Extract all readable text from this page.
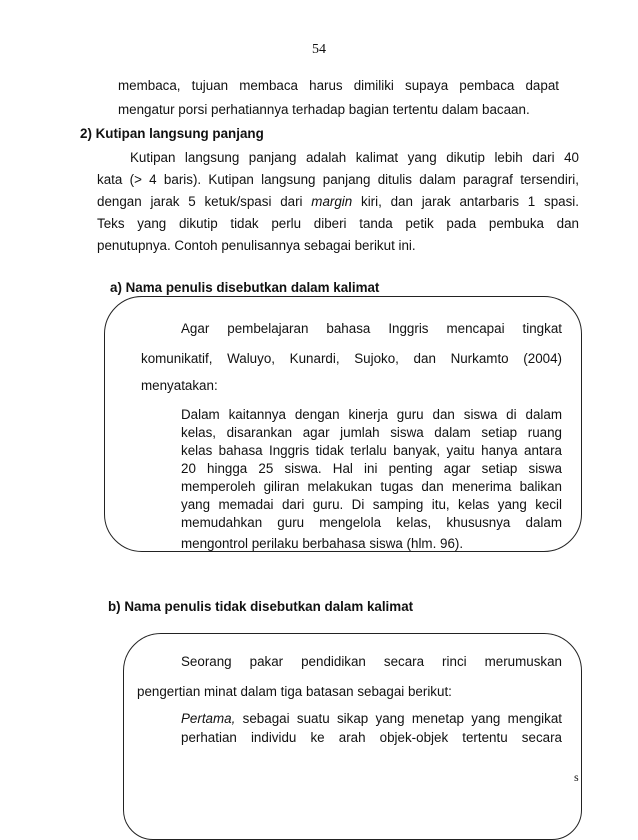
54
membaca, tujuan membaca harus dimiliki supaya pembaca dapat
mengatur porsi perhatiannya terhadap bagian tertentu dalam bacaan.
2) Kutipan langsung panjang
Kutipan langsung panjang adalah kalimat yang dikutip lebih dari 40
kata (> 4 baris). Kutipan langsung panjang ditulis dalam paragraf tersendiri,
dengan jarak 5 ketuk/spasi dari margin kiri, dan jarak antarbaris 1 spasi.
Teks yang dikutip tidak perlu diberi tanda petik pada pembuka dan
penutupnya. Contoh penulisannya sebagai berikut ini.
a) Nama penulis disebutkan dalam kalimat
Agar pembelajaran bahasa Inggris mencapai tingkat
komunikatif, Waluyo, Kunardi, Sujoko, dan Nurkamto (2004)
menyatakan:
Dalam kaitannya dengan kinerja guru dan siswa di dalam
kelas, disarankan agar jumlah siswa dalam setiap ruang
kelas bahasa Inggris tidak terlalu banyak, yaitu hanya antara
20 hingga 25 siswa. Hal ini penting agar setiap siswa
memperoleh giliran melakukan tugas dan menerima balikan
yang memadai dari guru. Di samping itu, kelas yang kecil
memudahkan guru mengelola kelas, khususnya dalam
mengontrol perilaku berbahasa siswa (hlm. 96).
b) Nama penulis tidak disebutkan dalam kalimat
Seorang pakar pendidikan secara rinci merumuskan
pengertian minat dalam tiga batasan sebagai berikut:
Pertama, sebagai suatu sikap yang menetap yang mengikat
perhatian individu ke arah objek-objek tertentu secara
s
